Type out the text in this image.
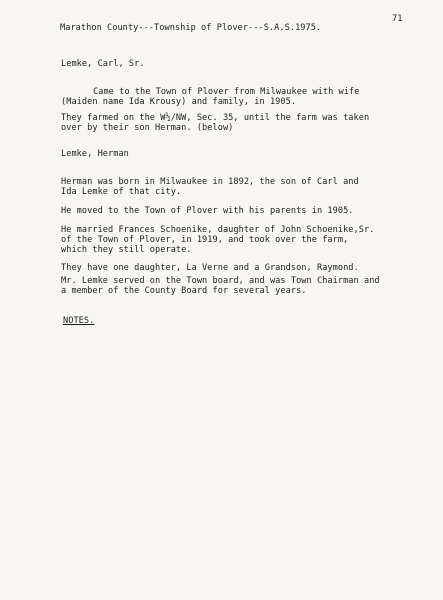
71
Marathon County---Township of Plover---S.A.S.1975.
Lemke, Carl, Sr.
Came to the Town of Plover from Milwaukee with wife
(Maiden name Ida Krousy) and family, in 1905.
They farmed on the W½/NW, Sec. 35, until the farm was taken
over by their son Herman. (below)
Lemke, Herman
Herman was born in Milwaukee in 1892, the son of Carl and
Ida Lemke of that city.
He moved to the Town of Plover with his parents in 1905.
He married Frances Schoenike, daughter of John Schoenike,Sr.
of the Town of Plover, in 1919, and took over the farm,
which they still operate.
They have one daughter, La Verne and a Grandson, Raymond.
Mr. Lemke served on the Town board, and was Town Chairman and
a member of the County Board for several years.
NOTES.
